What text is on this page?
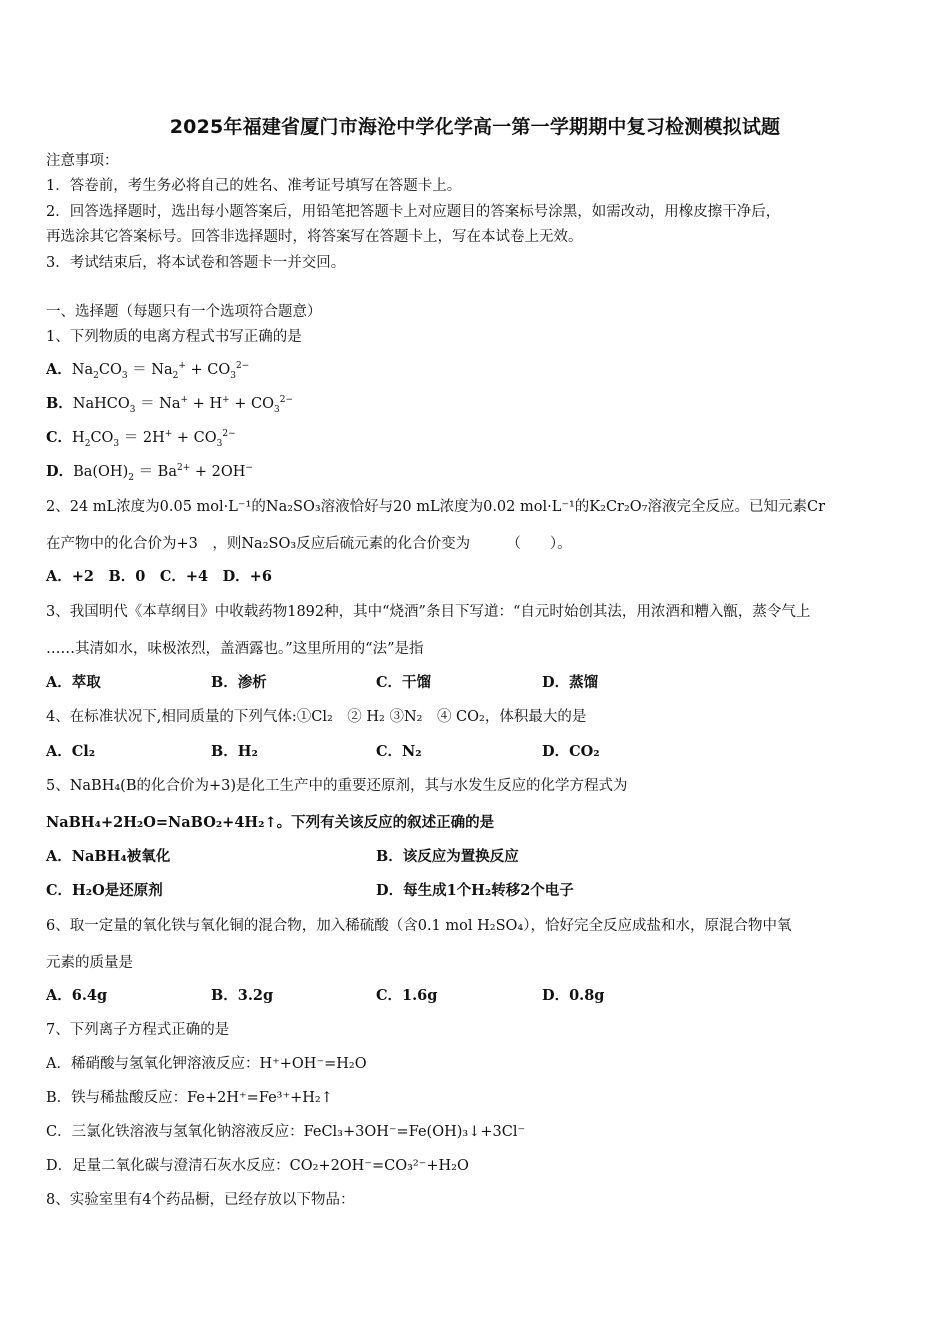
2025年福建省厦门市海沧中学化学高一第一学期期中复习检测模拟试题
注意事项：
1．答卷前，考生务必将自己的姓名、准考证号填写在答题卡上。
2．回答选择题时，选出每小题答案后，用铅笔把答题卡上对应题目的答案标号涂黑，如需改动，用橡皮擦干净后，
再选涂其它答案标号。回答非选择题时，将答案写在答题卡上，写在本试卷上无效。
3．考试结束后，将本试卷和答题卡一并交回。
一、选择题（每题只有一个选项符合题意）
1、下列物质的电离方程式书写正确的是
A．$Na_2CO_3 = Na_2^+ + CO_3^{2-}$
B．NaHCO$_3$ ＝ $Na^+ + H^+ + CO_3^{2-}$
C．$H_2CO_3 = 2H^+ + CO_3^{2-}$
D．$Ba(OH)_2 = Ba^{2+} + 2OH^-$
2、24 mL浓度为0.05 mol·L⁻¹的Na₂SO₃溶液恰好与20 mL浓度为0.02 mol·L⁻¹的K₂Cr₂O₇溶液完全反应。已知元素Cr
在产物中的化合价为+3　，则Na₂SO₃反应后硫元素的化合价变为　　　（　　）。
A．+2　B．0　C．+4　D．+6
3、我国明代《本草纲目》中收载药物1892种，其中“烧酒”条目下写道：“自元时始创其法，用浓酒和糟入甑，蒸令气上
……其清如水，味极浓烈，盖酒露也。”这里所用的“法”是指
A．萃取	B．渗析	C．干馏	D．蒸馏
4、在标准状况下,相同质量的下列气体:①Cl₂　② H₂ ③N₂　④ CO₂，体积最大的是
A．Cl₂	B．H₂	C．N₂	D．CO₂
5、NaBH₄(B的化合价为+3)是化工生产中的重要还原剂，其与水发生反应的化学方程式为
NaBH₄+2H₂O=NaBO₂+4H₂↑。下列有关该反应的叙述正确的是
A．NaBH₄被氧化	B．该反应为置换反应
C．H₂O是还原剂	D．每生成1个H₂转移2个电子
6、取一定量的氧化铁与氧化铜的混合物，加入稀硫酸（含0.1 mol H₂SO₄），恰好完全反应成盐和水，原混合物中氧
元素的质量是
A．6.4g	B．3.2g	C．1.6g	D．0.8g
7、下列离子方程式正确的是
A．稀硝酸与氢氧化钾溶液反应：H⁺+OH⁻=H₂O
B．铁与稀盐酸反应：Fe+2H⁺=Fe³⁺+H₂↑
C．三氯化铁溶液与氢氧化钠溶液反应：FeCl₃+3OH⁻=Fe(OH)₃↓+3Cl⁻
D．足量二氧化碳与澄清石灰水反应：CO₂+2OH⁻=CO₃²⁻+H₂O
8、实验室里有4个药品橱，已经存放以下物品：
